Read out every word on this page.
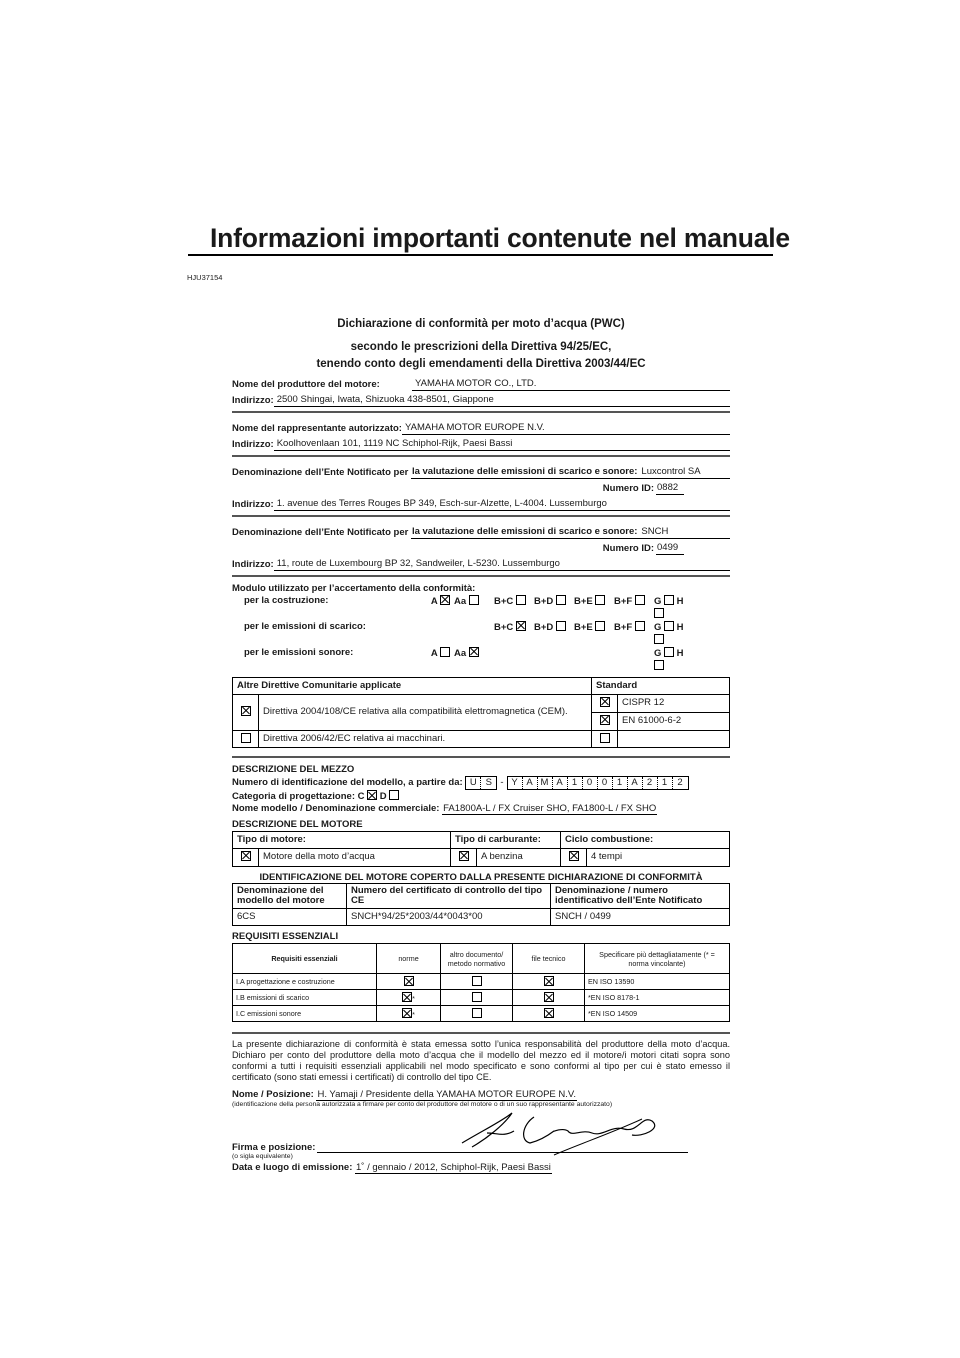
Informazioni importanti contenute nel manuale
HJU37154
Dichiarazione di conformità per moto d’acqua (PWC)
secondo le prescrizioni della Direttiva 94/25/EC,
tenendo conto degli emendamenti della Direttiva 2003/44/EC
Nome del produttore del motore:	YAMAHA MOTOR CO., LTD.
Indirizzo: 2500 Shingai, Iwata, Shizuoka 438-8501, Giappone
Nome del rappresentante autorizzato: YAMAHA MOTOR EUROPE N.V.
Indirizzo: Koolhovenlaan 101, 1119 NC Schiphol-Rijk, Paesi Bassi
Denominazione dell’Ente Notificato per
la valutazione delle emissioni di scarico e sonore: Luxcontrol SA
Numero ID: 0882
Indirizzo: 1. avenue des Terres Rouges BP 349, Esch-sur-Alzette, L-4004. Lussemburgo
Denominazione dell’Ente Notificato per
la valutazione delle emissioni di scarico e sonore: SNCH
Numero ID: 0499
Indirizzo: 11, route de Luxembourg BP 32, Sandweiler, L-5230. Lussemburgo
Modulo utilizzato per l’accertamento della conformità:
per la costruzione:	A	Aa	B+C	B+D	B+E	B+F	G H
per le emissioni di scarico:	B+C	B+D	B+E	B+F	G H
per le emissioni sonore:	A	Aa	G H
Altre Direttive Comunitarie applicate		Standard	
	Direttiva 2004/108/CE relativa alla compatibilità elettromagnetica (CEM).		CISPR 12
			EN 61000-6-2
	Direttiva 2006/42/EC relativa ai macchinari.		
DESCRIZIONE DEL MEZZO
Numero di identificazione del modello, a partire da:
U S - Y A M A 1	0	0	1 A 2	1	2
Categoria di progettazione: C D
Nome modello / Denominazione commerciale: FA1800A-L / FX Cruiser SHO, FA1800-L / FX SHO
DESCRIZIONE DEL MOTORE
Tipo di motore:		Tipo di carburante:		Ciclo combustione:	
	Motore della moto d’acqua		A benzina		4 tempi
IDENTIFICAZIONE DEL MOTORE COPERTO DALLA PRESENTE DICHIARAZIONE DI CONFORMITÀ
Denominazione del modello del motore	Numero del certificato di controllo del tipo CE	Denominazione / numero identificativo dell’Ente Notificato
6CS	SNCH*94/25*2003/44*0043*00	SNCH / 0499
REQUISITI ESSENZIALI
Requisiti essenziali	norme	altro documento/ metodo normativo	file tecnico	Specificare più dettagliatamente (* = norma vincolante)
I.A progettazione e costruzione				EN ISO 13590
I.B emissioni di scarico	*			*EN ISO 8178-1
I.C emissioni sonore	*			*EN ISO 14509
La presente dichiarazione di conformità è stata emessa sotto l’unica responsabilità del produttore della moto d’acqua. Dichiaro per conto del produttore della moto d’acqua che il modello del mezzo ed il motore/i motori citati sopra sono conformi a tutti i requisiti essenziali applicabili nel modo specificato e sono conformi al tipo per cui è stato emesso il certificato (sono stati emessi i certificati) di controllo del tipo CE.
Nome / Posizione: H. Yamaji / Presidente della YAMAHA MOTOR EUROPE N.V.
(identificazione della persona autorizzata a firmare per conto del produttore del motore o di un suo rappresentante autorizzato)
Firma e posizione:
(o sigla equivalente)
Data e luogo di emissione: 1˚ / gennaio / 2012, Schiphol-Rijk, Paesi Bassi
